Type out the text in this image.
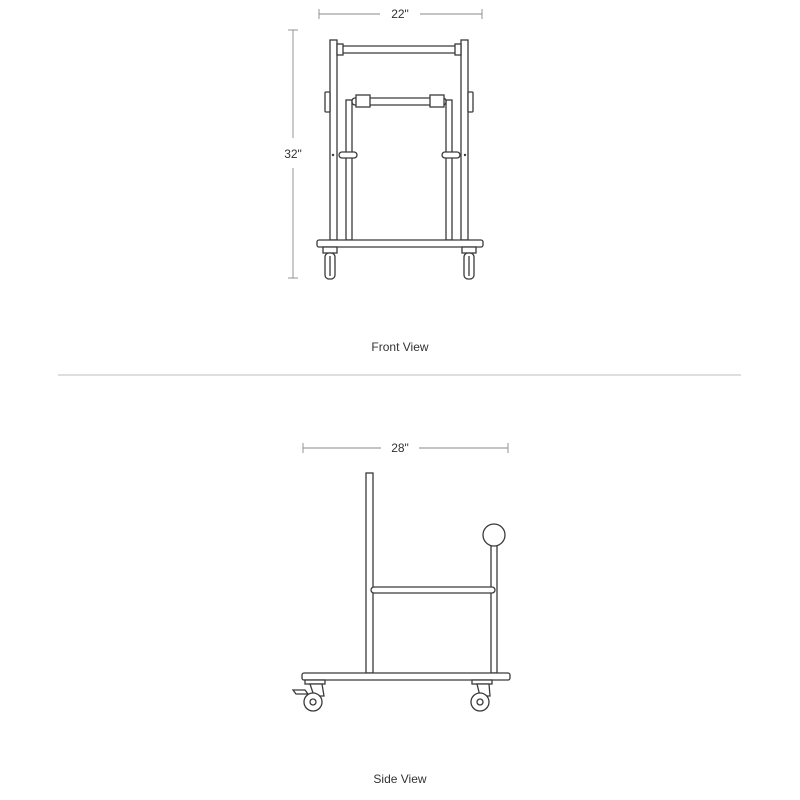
22"
32"
Front View
28"
Side View
